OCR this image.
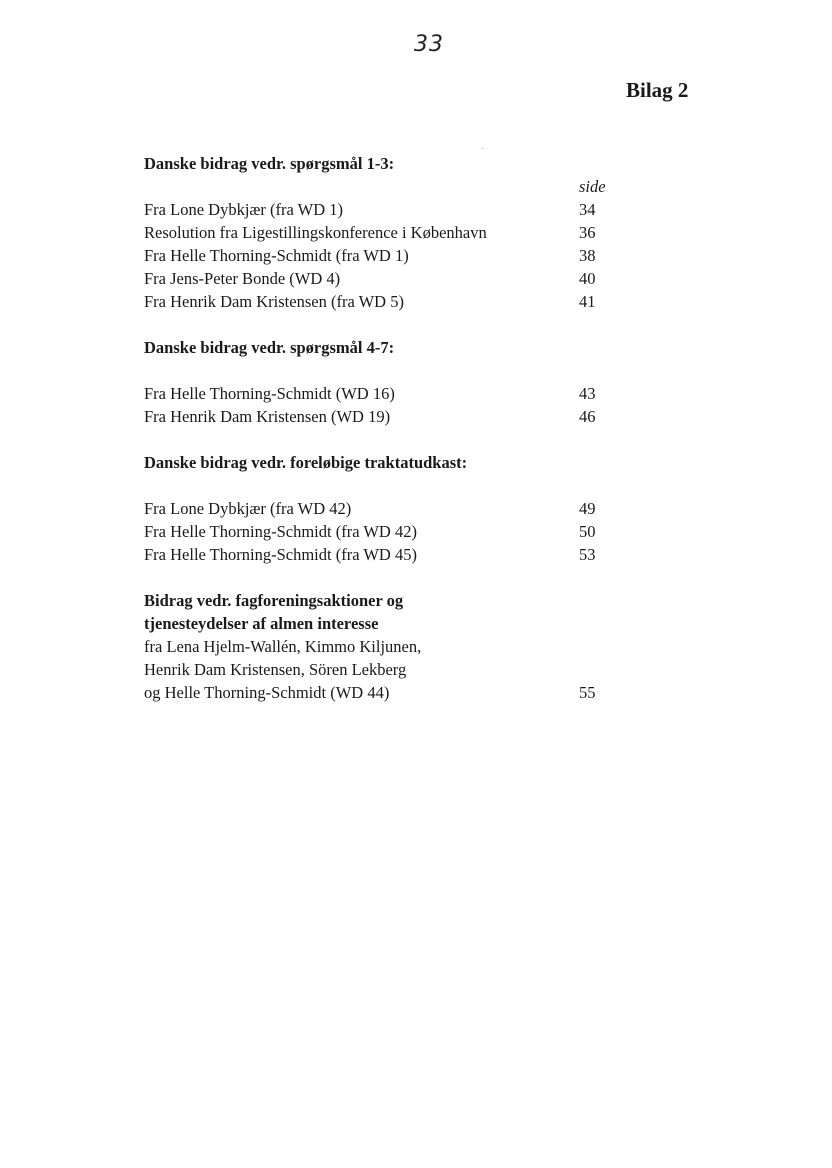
33
Bilag 2
Danske bidrag vedr. spørgsmål 1-3:
side
Fra Lone Dybkjær (fra WD 1)	34
Resolution fra Ligestillingskonference i København	36
Fra Helle Thorning-Schmidt (fra WD 1)	38
Fra Jens-Peter Bonde (WD 4)	40
Fra Henrik Dam Kristensen (fra WD 5)	41
Danske bidrag vedr. spørgsmål 4-7:
Fra Helle Thorning-Schmidt (WD 16)	43
Fra Henrik Dam Kristensen (WD 19)	46
Danske bidrag vedr. foreløbige traktatudkast:
Fra Lone Dybkjær (fra WD 42)	49
Fra Helle Thorning-Schmidt (fra WD 42)	50
Fra Helle Thorning-Schmidt (fra WD 45)	53
Bidrag vedr. fagforeningsaktioner og
tjenesteydelser af almen interesse
fra Lena Hjelm-Wallén, Kimmo Kiljunen,
Henrik Dam Kristensen, Sören Lekberg
og Helle Thorning-Schmidt (WD 44)	55
